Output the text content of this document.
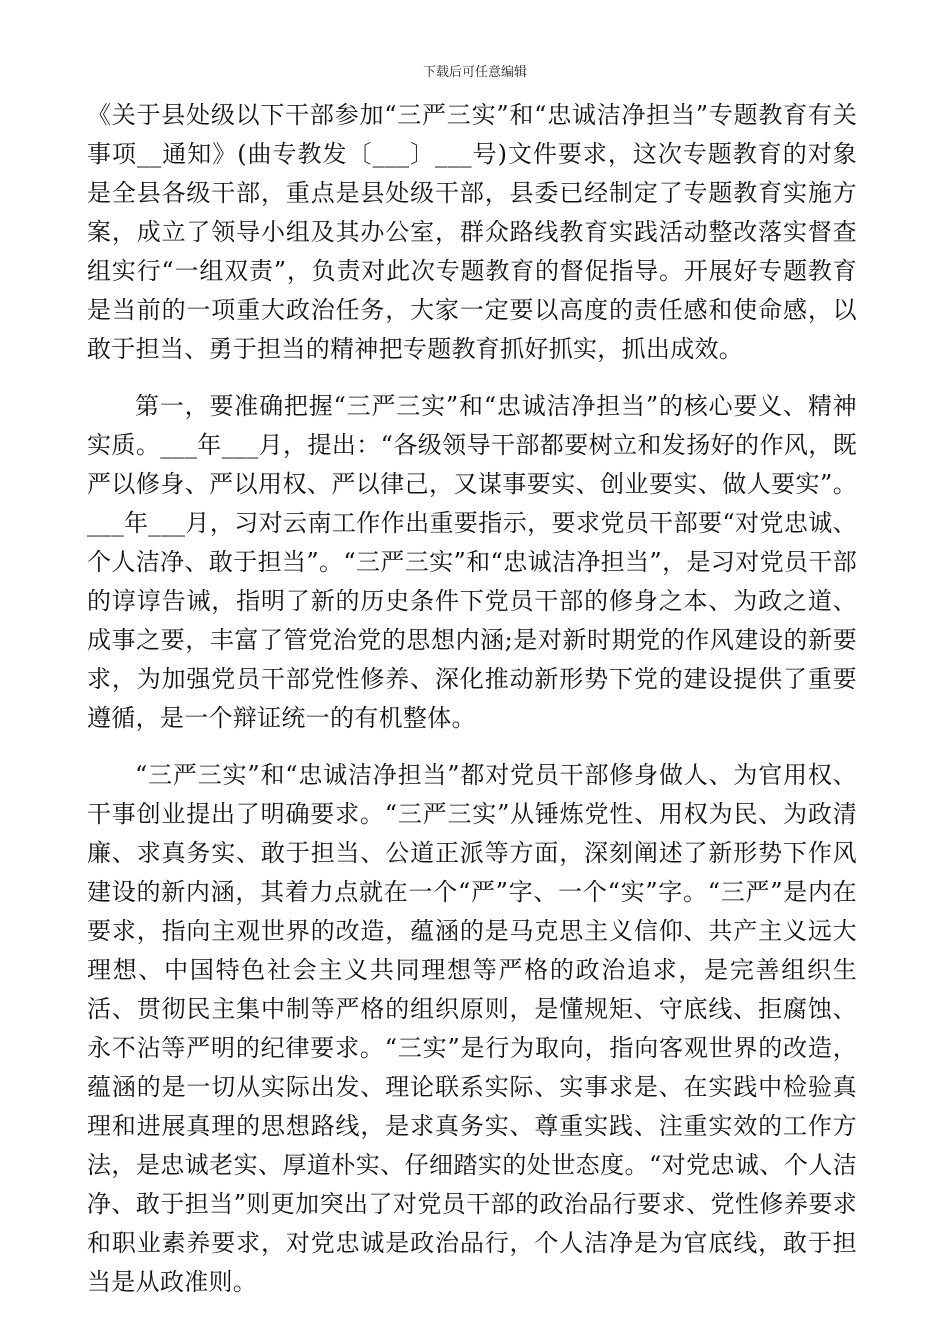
下载后可任意编辑

《关于县处级以下干部参加“三严三实”和“忠诚洁净担当”专题教育有关事项__通知》(曲专教发〔___〕___号)文件要求，这次专题教育的对象是全县各级干部，重点是县处级干部，县委已经制定了专题教育实施方案，成立了领导小组及其办公室，群众路线教育实践活动整改落实督查组实行“一组双责”，负责对此次专题教育的督促指导。开展好专题教育是当前的一项重大政治任务，大家一定要以高度的责任感和使命感，以敢于担当、勇于担当的精神把专题教育抓好抓实，抓出成效。

第一，要准确把握“三严三实”和“忠诚洁净担当”的核心要义、精神实质。___年___月，提出：“各级领导干部都要树立和发扬好的作风，既严以修身、严以用权、严以律己，又谋事要实、创业要实、做人要实”。___年___月，习对云南工作作出重要指示，要求党员干部要“对党忠诚、个人洁净、敢于担当”。“三严三实”和“忠诚洁净担当”，是习对党员干部的谆谆告诫，指明了新的历史条件下党员干部的修身之本、为政之道、成事之要，丰富了管党治党的思想内涵;是对新时期党的作风建设的新要求，为加强党员干部党性修养、深化推动新形势下党的建设提供了重要遵循，是一个辩证统一的有机整体。

“三严三实”和“忠诚洁净担当”都对党员干部修身做人、为官用权、干事创业提出了明确要求。“三严三实”从锤炼党性、用权为民、为政清廉、求真务实、敢于担当、公道正派等方面，深刻阐述了新形势下作风建设的新内涵，其着力点就在一个“严”字、一个“实”字。“三严”是内在要求，指向主观世界的改造，蕴涵的是马克思主义信仰、共产主义远大理想、中国特色社会主义共同理想等严格的政治追求，是完善组织生活、贯彻民主集中制等严格的组织原则，是懂规矩、守底线、拒腐蚀、永不沾等严明的纪律要求。“三实”是行为取向，指向客观世界的改造，蕴涵的是一切从实际出发、理论联系实际、实事求是、在实践中检验真理和进展真理的思想路线，是求真务实、尊重实践、注重实效的工作方法，是忠诚老实、厚道朴实、仔细踏实的处世态度。“对党忠诚、个人洁净、敢于担当”则更加突出了对党员干部的政治品行要求、党性修养要求和职业素养要求，对党忠诚是政治品行，个人洁净是为官底线，敢于担当是从政准则。
